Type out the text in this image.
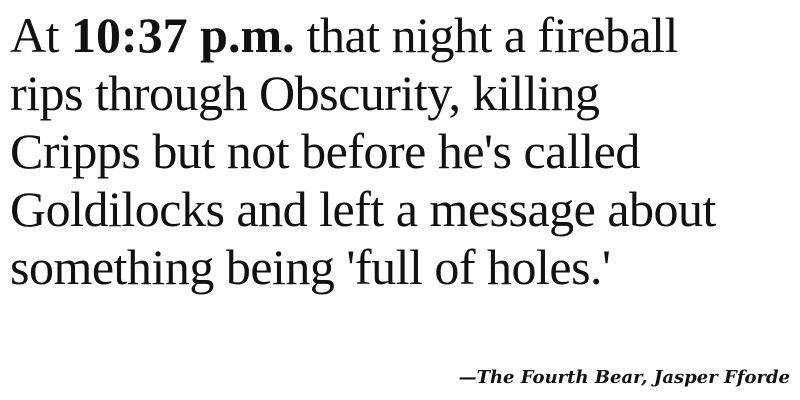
At 10:37 p.m. that night a fireball
rips through Obscurity, killing
Cripps but not before he's called
Goldilocks and left a message about
something being 'full of holes.'
—The Fourth Bear, Jasper Fforde
